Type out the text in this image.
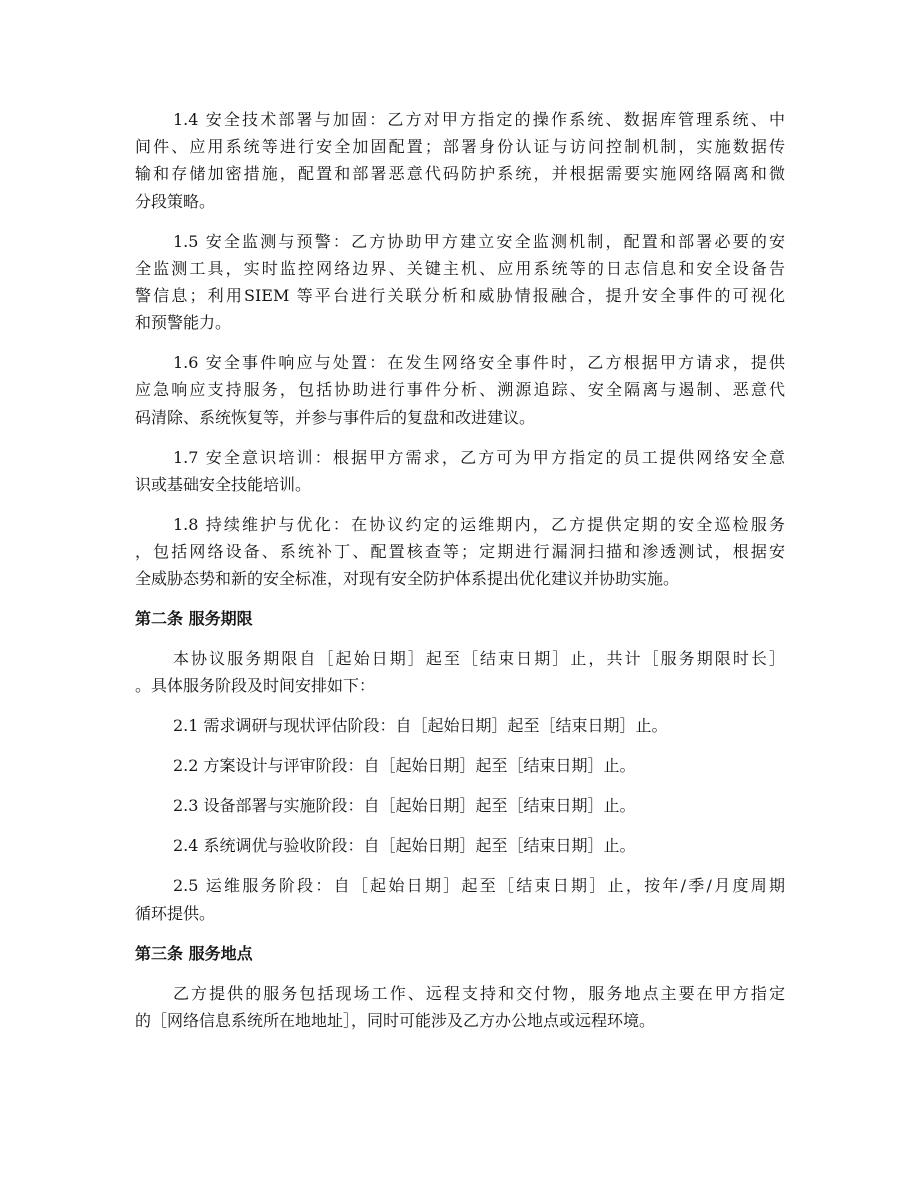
1.4 安全技术部署与加固：乙方对甲方指定的操作系统、数据库管理系统、中
间件、应用系统等进行安全加固配置；部署身份认证与访问控制机制，实施数据传
输和存储加密措施，配置和部署恶意代码防护系统，并根据需要实施网络隔离和微
分段策略。
1.5 安全监测与预警：乙方协助甲方建立安全监测机制，配置和部署必要的安
全监测工具，实时监控网络边界、关键主机、应用系统等的日志信息和安全设备告
警信息；利用SIEM 等平台进行关联分析和威胁情报融合，提升安全事件的可视化
和预警能力。
1.6 安全事件响应与处置：在发生网络安全事件时，乙方根据甲方请求，提供
应急响应支持服务，包括协助进行事件分析、溯源追踪、安全隔离与遏制、恶意代
码清除、系统恢复等，并参与事件后的复盘和改进建议。
1.7 安全意识培训：根据甲方需求，乙方可为甲方指定的员工提供网络安全意
识或基础安全技能培训。
1.8 持续维护与优化：在协议约定的运维期内，乙方提供定期的安全巡检服务
，包括网络设备、系统补丁、配置核查等；定期进行漏洞扫描和渗透测试，根据安
全威胁态势和新的安全标准，对现有安全防护体系提出优化建议并协助实施。
第二条 服务期限
本协议服务期限自［起始日期］起至［结束日期］止，共计［服务期限时长］
。具体服务阶段及时间安排如下：
2.1 需求调研与现状评估阶段：自［起始日期］起至［结束日期］止。
2.2 方案设计与评审阶段：自［起始日期］起至［结束日期］止。
2.3 设备部署与实施阶段：自［起始日期］起至［结束日期］止。
2.4 系统调优与验收阶段：自［起始日期］起至［结束日期］止。
2.5 运维服务阶段：自［起始日期］起至［结束日期］止，按年/季/月度周期
循环提供。
第三条 服务地点
乙方提供的服务包括现场工作、远程支持和交付物，服务地点主要在甲方指定
的［网络信息系统所在地地址］，同时可能涉及乙方办公地点或远程环境。
